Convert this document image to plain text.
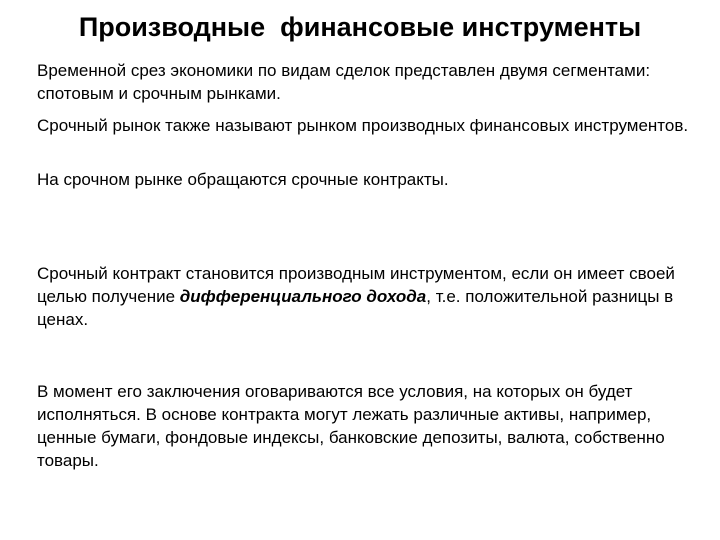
Производные  финансовые инструменты

Временной срез экономики по видам сделок представлен двумя сегментами: спотовым и срочным рынками.

Срочный рынок также называют рынком производных финансовых инструментов.

На срочном рынке обращаются срочные контракты.

Срочный контракт становится производным инструментом, если он имеет своей целью получение дифференциального дохода, т.е. положительной разницы в ценах.

В момент его заключения оговариваются все условия, на которых он будет исполняться. В основе контракта могут лежать различные активы, например, ценные бумаги, фондовые индексы, банковские депозиты, валюта, собственно товары.
